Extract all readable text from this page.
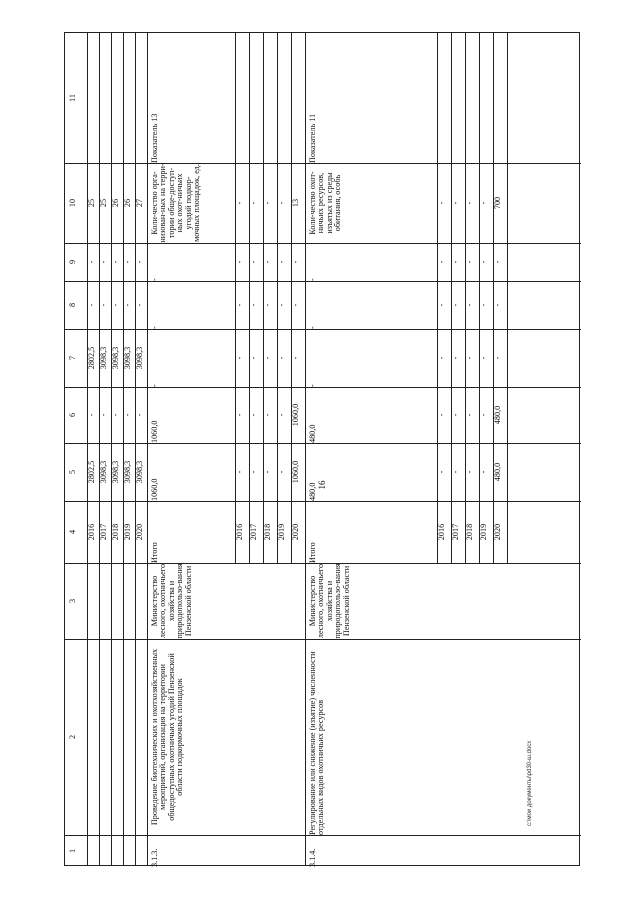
16
1
2
3
4
5
6
7
8
9
10
11
2016
2802,5
-
2802,5
-
-
25
2017
3098,3
-
3098,3
-
-
25
2018
3098,3
-
3098,3
-
-
26
2019
3098,3
-
3098,3
-
-
26
2020
3098,3
-
3098,3
-
-
27
3.1.3.
Проведение биотехнических и охотхозяйственных мероприятий, организация на территории общедоступных охотничьих угодий Пензенской области подкормочных площадок
Министерство лесного, охотничьего хозяйства и природопользо-вания Пензенской области
Итого
1060,0
1060,0
-
-
-
Коли-чество орга-низован-ных на терри-тории обще-доступ-ных охот-ничьих угодий подкор-мочных площадок, ед.
Показатель 13
2016
-
-
-
-
-
-
2017
-
-
-
-
-
-
2018
-
-
-
-
-
-
2019
-
-
-
-
-
-
2020
1060,0
1060,0
-
-
-
13
3.1.4.
Регулирование или снижение (изъятие) численности отдельных видов охотничьих ресурсов
Министерство лесного, охотничьего хозяйства и природопользо-вания Пензенской области
Итого
480,0
480,0
-
-
-
Коли-чество охот-ничьих ресурсов, изъятых из среды обитания, особь
Показатель 11
2016
-
-
-
-
-
-
2017
-
-
-
-
-
-
2018
-
-
-
-
-
-
2019
-
-
-
-
-
-
2020
480,0
480,0
-
-
-
700
c:\мои документы\pd30-ш.docx
